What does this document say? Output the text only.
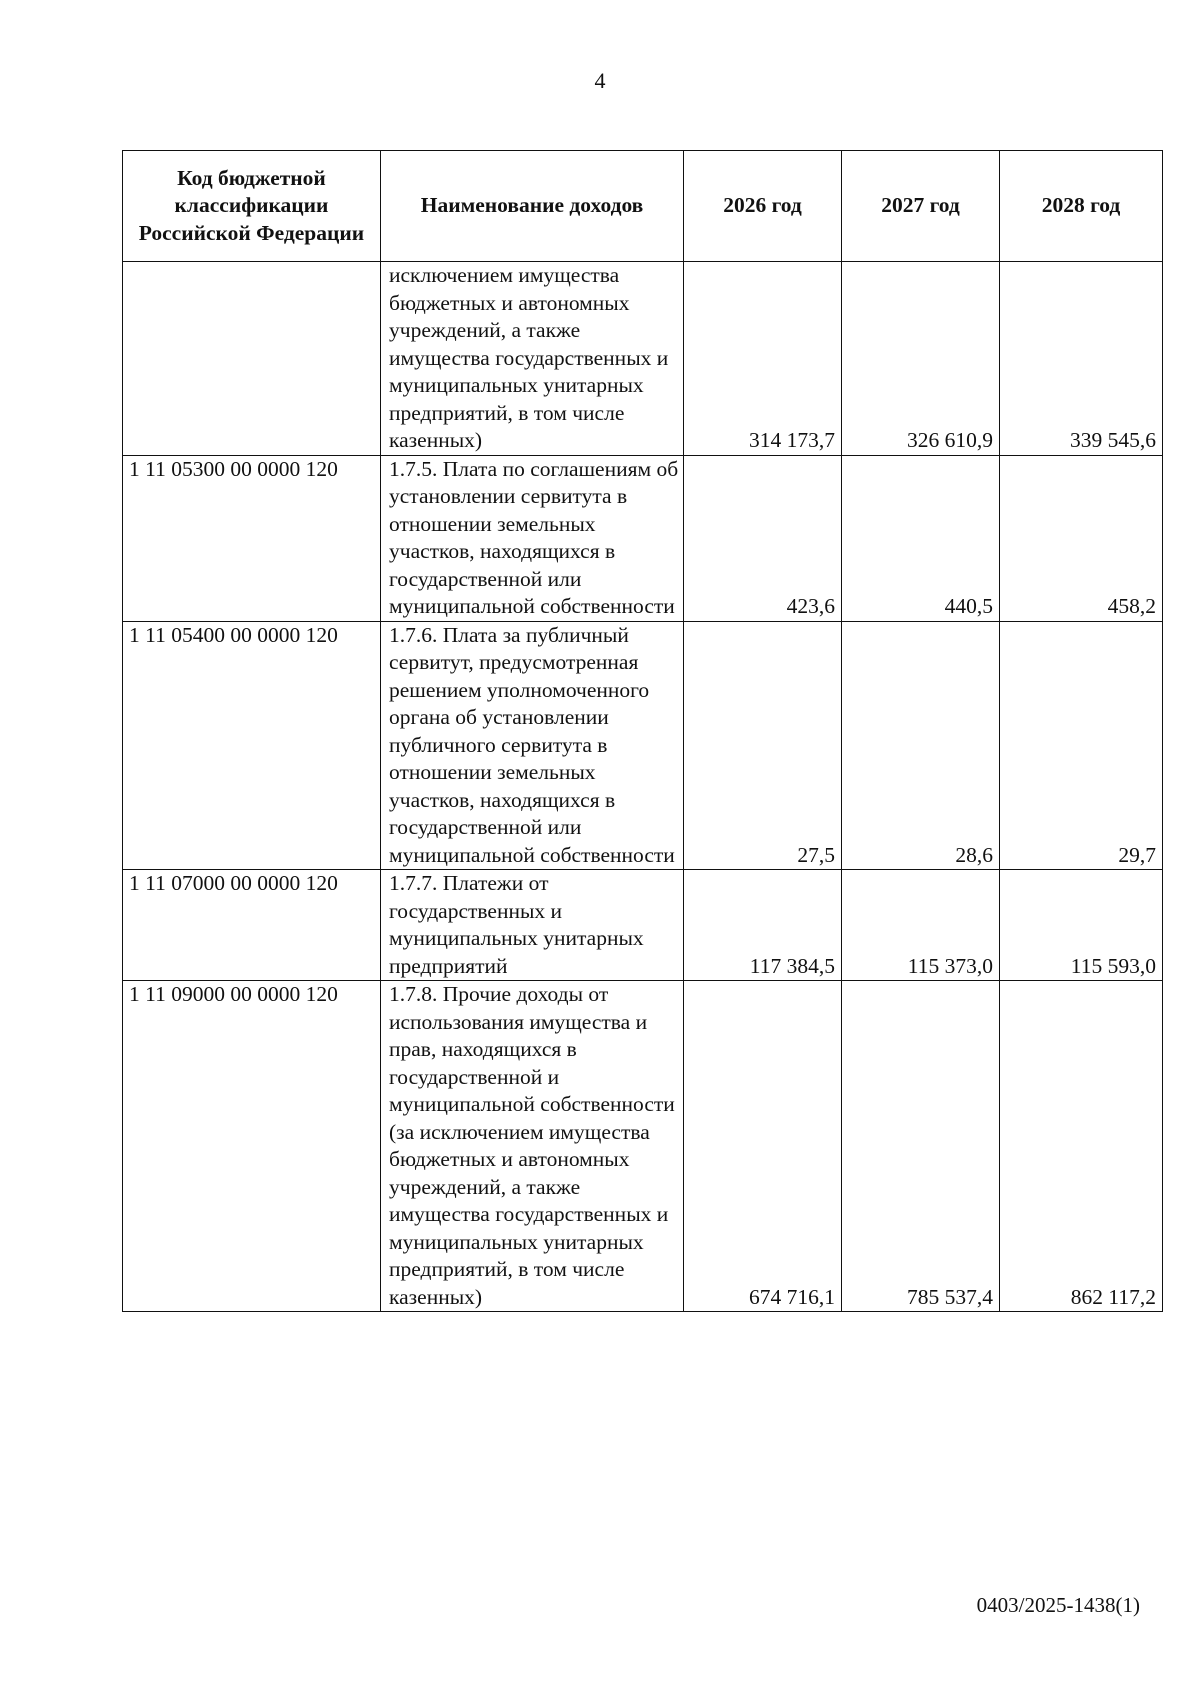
4
Код бюджетной классификации Российской Федерации	Наименование доходов	2026 год	2027 год	2028 год
	исключением имущества бюджетных и автономных учреждений, а также имущества государственных и муниципальных унитарных предприятий, в том числе казенных)	314 173,7	326 610,9	339 545,6
1 11 05300 00 0000 120	1.7.5. Плата по соглашениям об установлении сервитута в отношении земельных участков, находящихся в государственной или муниципальной собственности	423,6	440,5	458,2
1 11 05400 00 0000 120	1.7.6. Плата за публичный сервитут, предусмотренная решением уполномоченного органа об установлении публичного сервитута в отношении земельных участков, находящихся в государственной или муниципальной собственности	27,5	28,6	29,7
1 11 07000 00 0000 120	1.7.7. Платежи от государственных и муниципальных унитарных предприятий	117 384,5	115 373,0	115 593,0
1 11 09000 00 0000 120	1.7.8. Прочие доходы от использования имущества и прав, находящихся в государственной и муниципальной собственности (за исключением имущества бюджетных и автономных учреждений, а также имущества государственных и муниципальных унитарных предприятий, в том числе казенных)	674 716,1	785 537,4	862 117,2
0403/2025-1438(1)
